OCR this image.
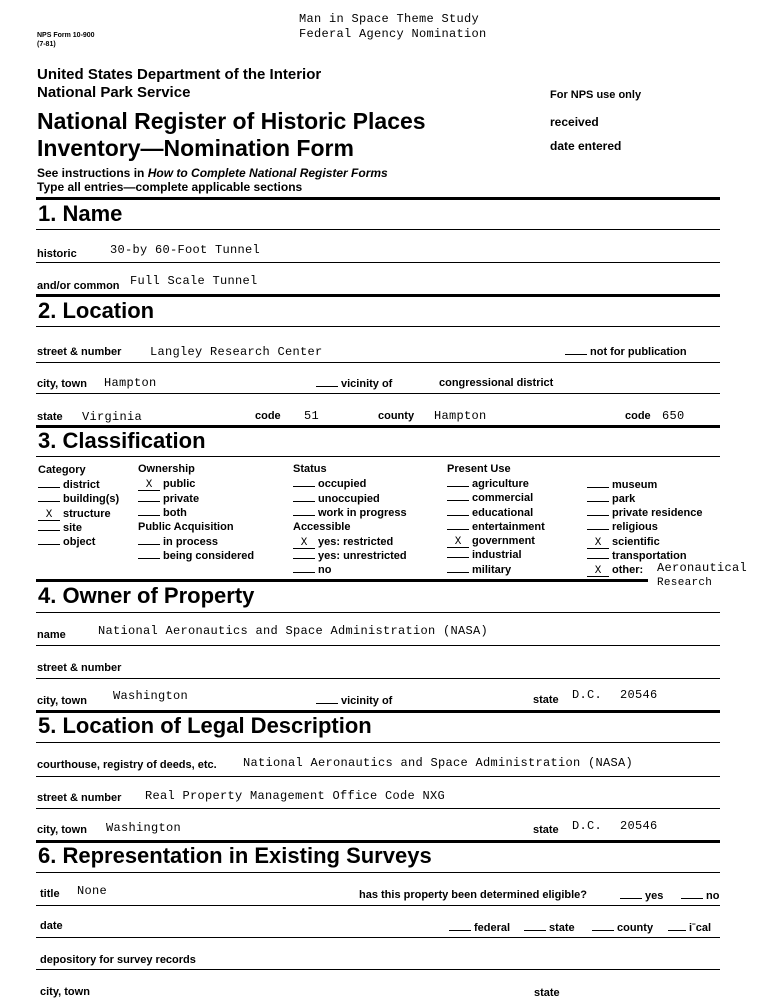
Man in Space Theme Study
Federal Agency Nomination
NPS Form 10-900
(7-81)
United States Department of the Interior
National Park Service
National Register of Historic Places
Inventory—Nomination Form
For NPS use only
received
date entered
See instructions in How to Complete National Register Forms
Type all entries—complete applicable sections
1. Name
historic	30-by 60-Foot Tunnel
and/or common Full Scale Tunnel
2. Location
street & number Langley Research Center	not for publication
city, town Hampton	vicinity of	congressional district
state Virginia	code 51	county Hampton	code 650
3. Classification
Category	Ownership	Status	Present Use
district
building(s)
X structure
site
object
X public
private
both
Public Acquisition
in process
being considered
occupied
unoccupied
work in progress
Accessible
X yes: restricted
yes: unrestricted
no
agriculture
commercial
educational
entertainment
X government
industrial
military
museum
park
private residence
religious
X scientific
transportation
X other: Aeronautical
Research
4. Owner of Property
name	National Aeronautics and Space Administration (NASA)
street & number
city, town Washington	vicinity of	state D.C. 20546
5. Location of Legal Description
courthouse, registry of deeds, etc. National Aeronautics and Space Administration (NASA)
street & number Real Property Management Office Code NXG
city, town Washington	state D.C. 20546
6. Representation in Existing Surveys
title None	has this property been determined eligible?	yes	no
date	federal	state	county	iˉcal
depository for survey records
city, town	state
